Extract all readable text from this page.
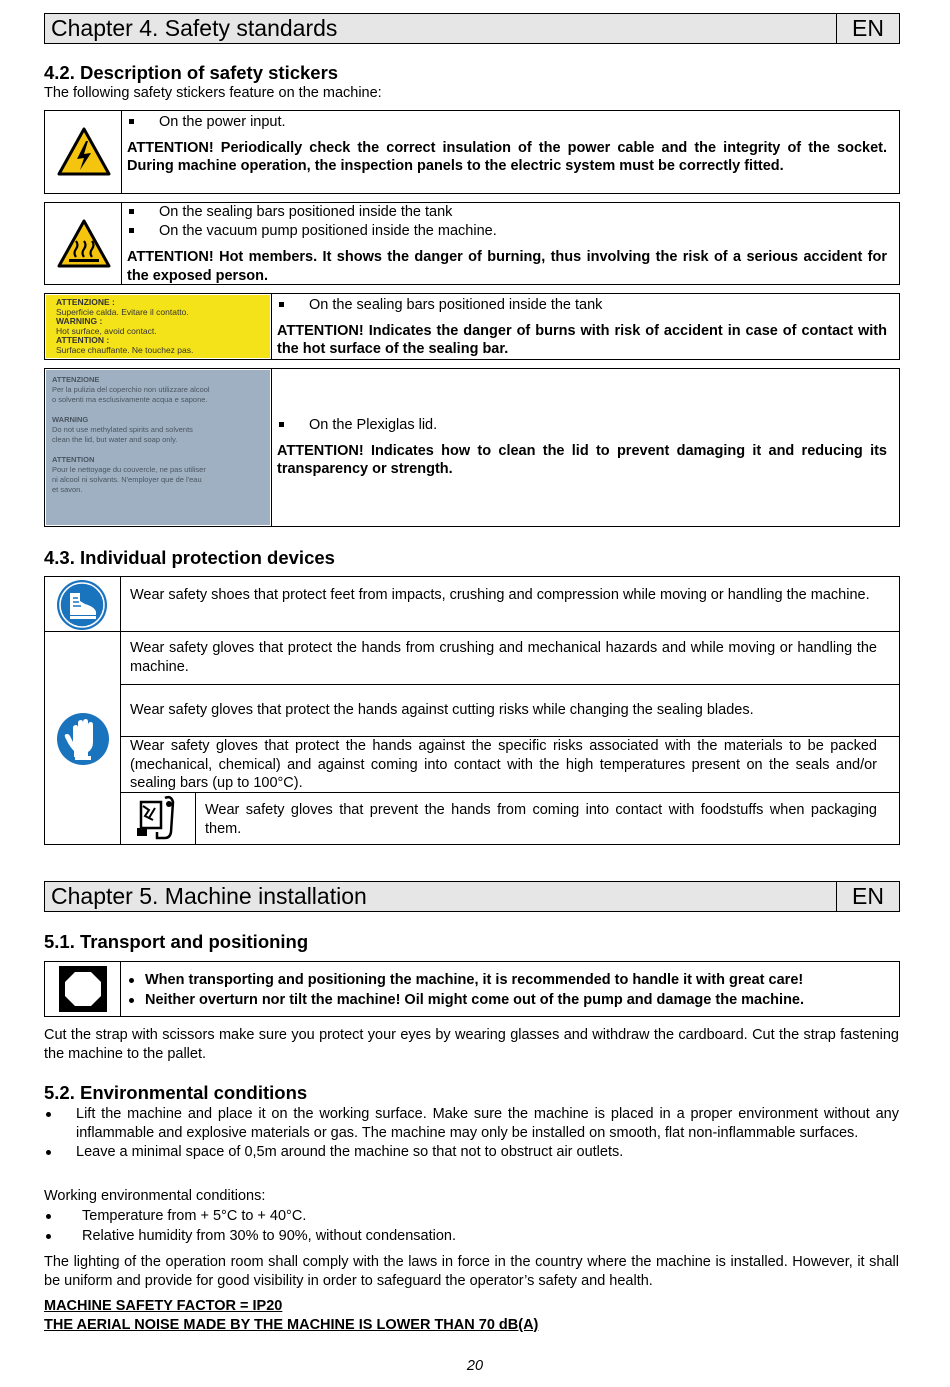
Chapter 4. Safety standards	EN
4.2. Description of safety stickers
The following safety stickers feature on the machine:
On the power input.
ATTENTION! Periodically check the correct insulation of the power cable and the integrity of the socket. During machine operation, the inspection panels to the electric system must be correctly fitted.
On the sealing bars positioned inside the tank
On the vacuum pump positioned inside the machine.
ATTENTION! Hot members. It shows the danger of burning, thus involving the risk of a serious accident for the exposed person.
ATTENZIONE :
Superficie calda. Evitare il contatto.
WARNING :
Hot surface, avoid contact.
ATTENTION :
Surface chauffante. Ne touchez pas.
On the sealing bars positioned inside the tank
ATTENTION! Indicates the danger of burns with risk of accident in case of contact with the hot surface of the sealing bar.
ATTENZIONE
Per la pulizia del coperchio non utilizzare alcool
o solventi ma esclusivamente acqua e sapone.
WARNING
Do not use methylated spirits and solvents
clean the lid, but water and soap only.
ATTENTION
Pour le nettoyage du couvercle, ne pas utiliser
ni alcool ni solvants. N'employer que de l'eau
et savon.
On the Plexiglas lid.
ATTENTION! Indicates how to clean the lid to prevent damaging it and reducing its transparency or strength.
4.3. Individual protection devices
Wear safety shoes that protect feet from impacts, crushing and compression while moving or handling the machine.
Wear safety gloves that protect the hands from crushing and mechanical hazards and while moving or handling the machine.
Wear safety gloves that protect the hands against cutting risks while changing the sealing blades.
Wear safety gloves that protect the hands against the specific risks associated with the materials to be packed (mechanical, chemical) and against coming into contact with the high temperatures present on the seals and/or sealing bars (up to 100°C).
Wear safety gloves that prevent the hands from coming into contact with foodstuffs when packaging them.
Chapter 5. Machine installation	EN
5.1. Transport and positioning
When transporting and positioning the machine, it is recommended to handle it with great care!
Neither overturn nor tilt the machine! Oil might come out of the pump and damage the machine.
Cut the strap with scissors make sure you protect your eyes by wearing glasses and withdraw the cardboard. Cut the strap fastening the machine to the pallet.
5.2. Environmental conditions
Lift the machine and place it on the working surface. Make sure the machine is placed in a proper environment without any inflammable and explosive materials or gas. The machine may only be installed on smooth, flat non-inflammable surfaces.
Leave a minimal space of 0,5m around the machine so that not to obstruct air outlets.
Working environmental conditions:
Temperature from + 5°C to + 40°C.
Relative humidity from 30% to 90%, without condensation.
The lighting of the operation room shall comply with the laws in force in the country where the machine is installed. However, it shall be uniform and provide for good visibility in order to safeguard the operator’s safety and health.
MACHINE SAFETY FACTOR = IP20
THE AERIAL NOISE MADE BY THE MACHINE IS LOWER THAN 70 dB(A)
20
